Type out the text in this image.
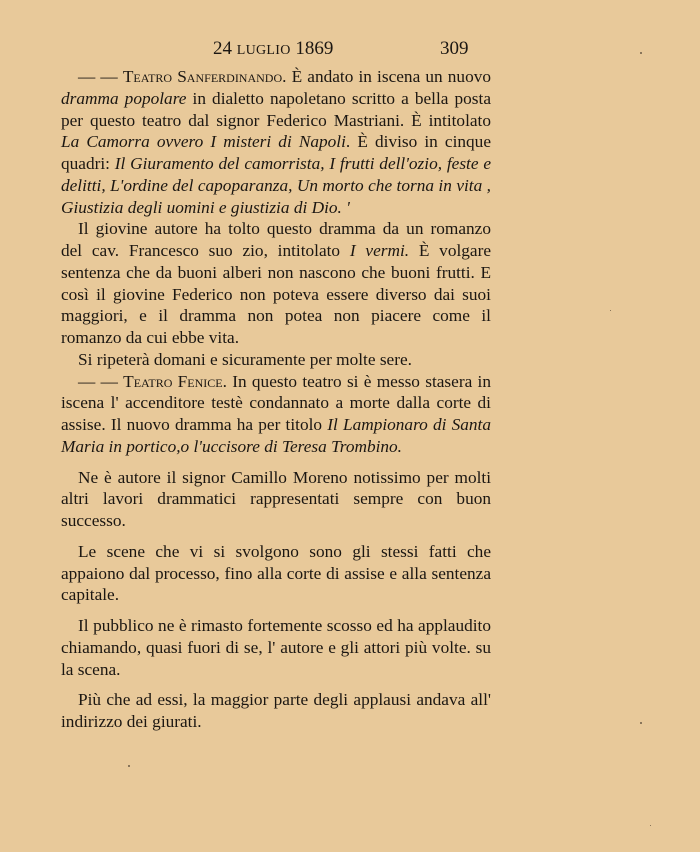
24 LUGLIO 1869	309

— — Teatro Sanferdinando. È andato in iscena un nuovo dramma popolare in dialetto napoletano scritto a bella posta per questo teatro dal signor Federico Mastriani. È intitolato La Camorra ovvero I misteri di Napoli. È diviso in cinque quadri: Il Giuramento del camorrista, I frutti dell'ozio, feste e delitti, L'ordine del capoparanza, Un morto che torna in vita , Giustizia degli uomini e giustizia di Dio. ʹ

Il giovine autore ha tolto questo dramma da un romanzo del cav. Francesco suo zio, intitolato I vermi. È volgare sentenza che da buoni alberi non nascono che buoni frutti. E così il giovine Federico non poteva essere diverso dai suoi maggiori, e il dramma non potea non piacere come il romanzo da cui ebbe vita.

Si ripeterà domani e sicuramente per molte sere.

— — Teatro Fenice. In questo teatro si è messo stasera in iscena l' accenditore testè condannato a morte dalla corte di assise. Il nuovo dramma ha per titolo Il Lampionaro di Santa Maria in portico,o l'uccisore di Teresa Trombino.

Ne è autore il signor Camillo Moreno notissimo per molti altri lavori drammatici rappresentati sempre con buon successo.

Le scene che vi si svolgono sono gli stessi fatti che appaiono dal processo, fino alla corte di assise e alla sentenza capitale.

Il pubblico ne è rimasto fortemente scosso ed ha applaudito chiamando, quasi fuori di se, l' autore e gli attori più volte. su la scena.

Più che ad essi, la maggior parte degli applausi andava all' indirizzo dei giurati.
